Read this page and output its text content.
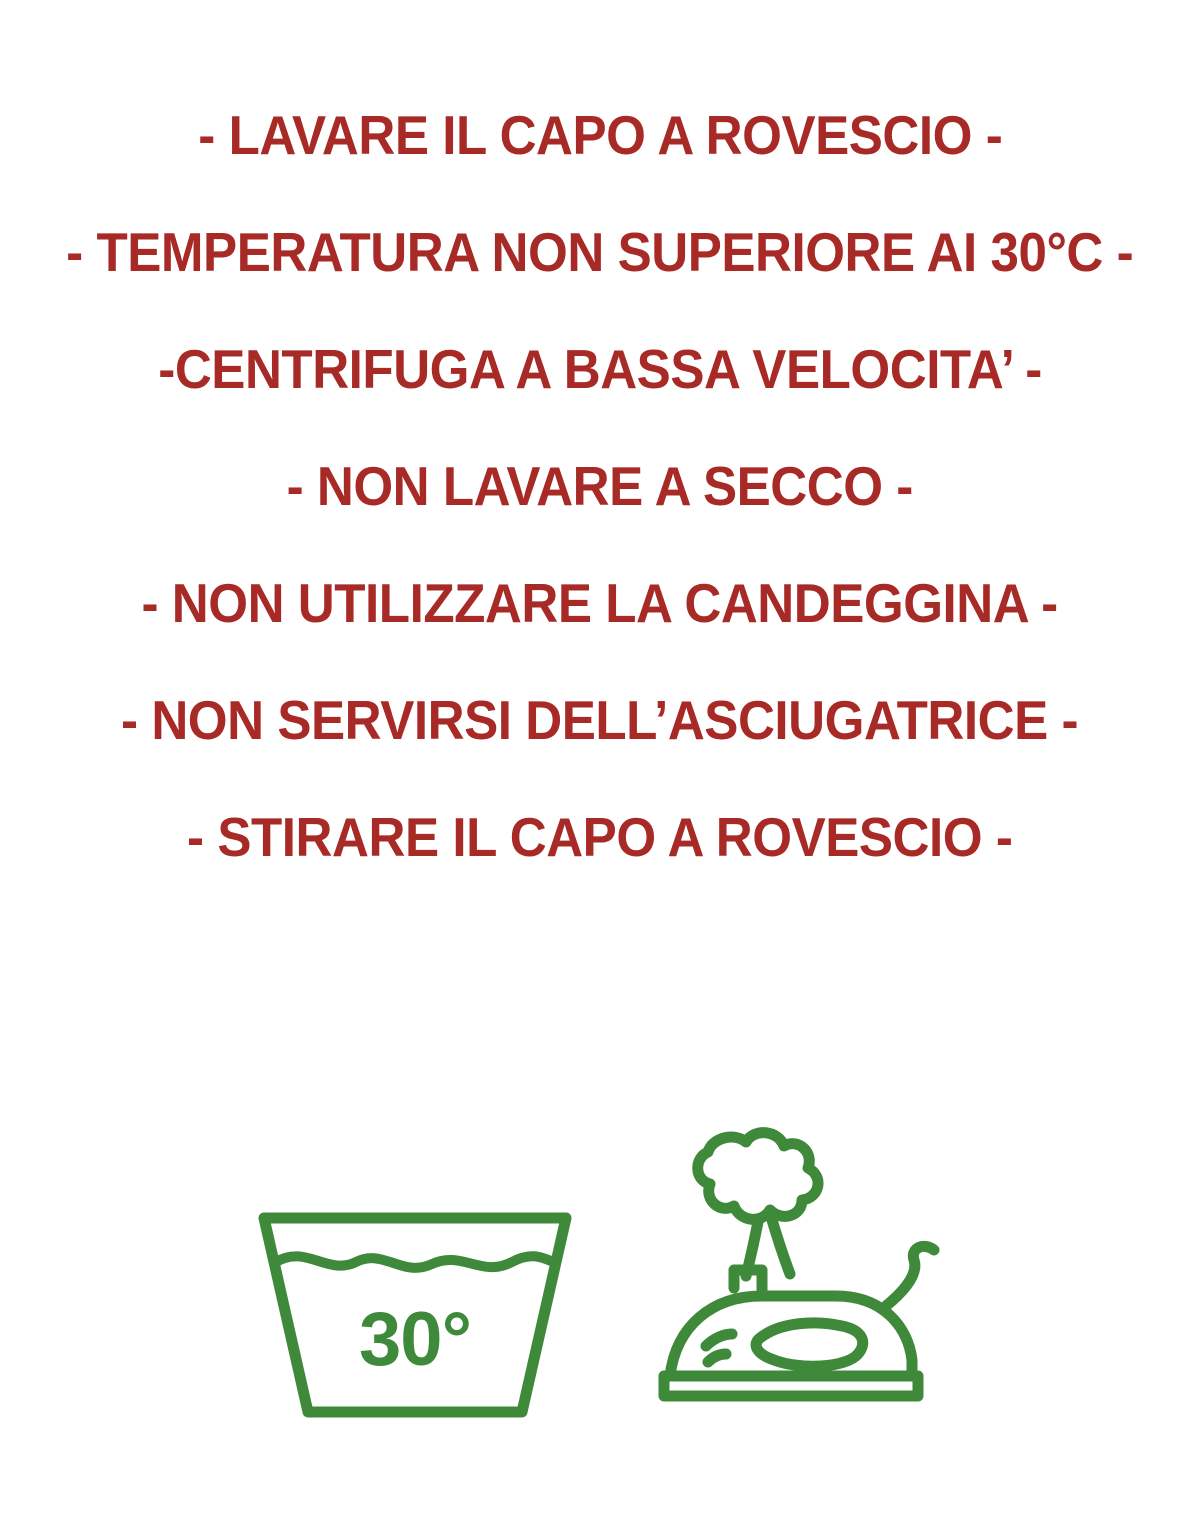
- LAVARE IL CAPO A ROVESCIO -
- TEMPERATURA NON SUPERIORE AI 30°C -
-CENTRIFUGA A BASSA VELOCITA’ -
- NON LAVARE A SECCO -
- NON UTILIZZARE LA CANDEGGINA -
- NON SERVIRSI DELL’ASCIUGATRICE -
- STIRARE IL CAPO A ROVESCIO -
30°
